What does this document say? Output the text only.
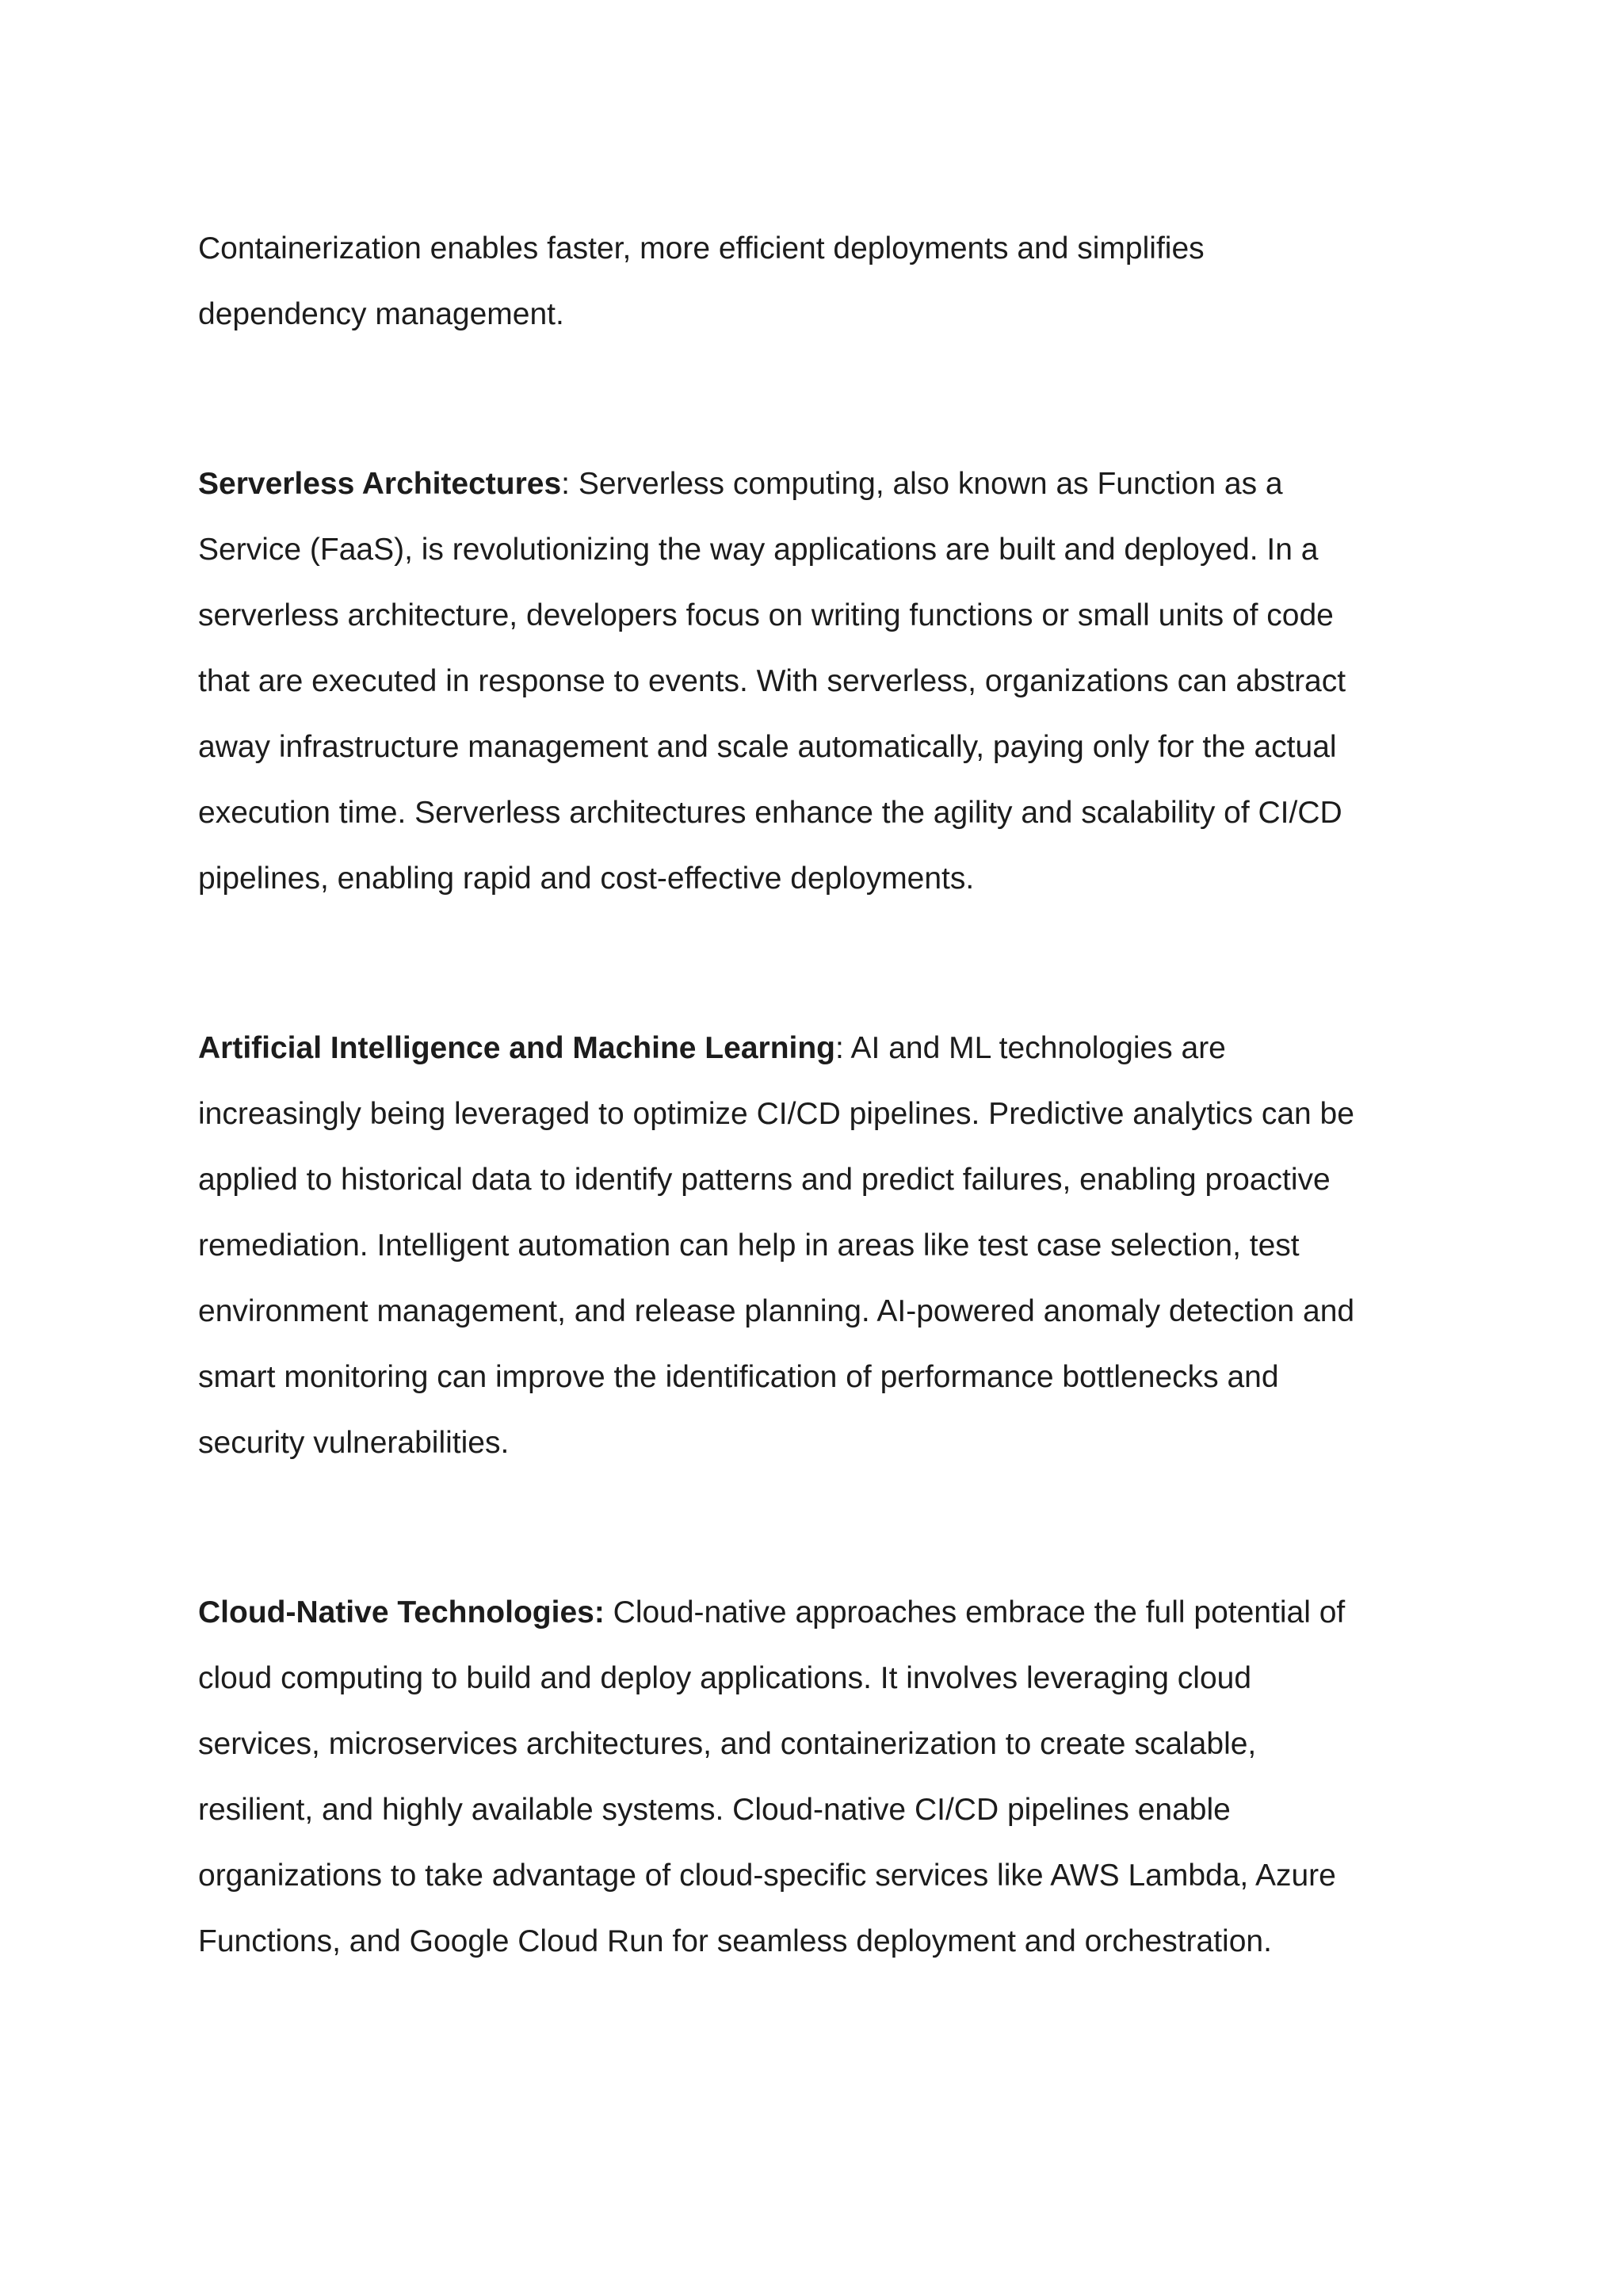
Containerization enables faster, more efficient deployments and simplifies
dependency management.

Serverless Architectures: Serverless computing, also known as Function as a
Service (FaaS), is revolutionizing the way applications are built and deployed. In a
serverless architecture, developers focus on writing functions or small units of code
that are executed in response to events. With serverless, organizations can abstract
away infrastructure management and scale automatically, paying only for the actual
execution time. Serverless architectures enhance the agility and scalability of CI/CD
pipelines, enabling rapid and cost-effective deployments.

Artificial Intelligence and Machine Learning: AI and ML technologies are
increasingly being leveraged to optimize CI/CD pipelines. Predictive analytics can be
applied to historical data to identify patterns and predict failures, enabling proactive
remediation. Intelligent automation can help in areas like test case selection, test
environment management, and release planning. AI-powered anomaly detection and
smart monitoring can improve the identification of performance bottlenecks and
security vulnerabilities.

Cloud-Native Technologies: Cloud-native approaches embrace the full potential of
cloud computing to build and deploy applications. It involves leveraging cloud
services, microservices architectures, and containerization to create scalable,
resilient, and highly available systems. Cloud-native CI/CD pipelines enable
organizations to take advantage of cloud-specific services like AWS Lambda, Azure
Functions, and Google Cloud Run for seamless deployment and orchestration.
